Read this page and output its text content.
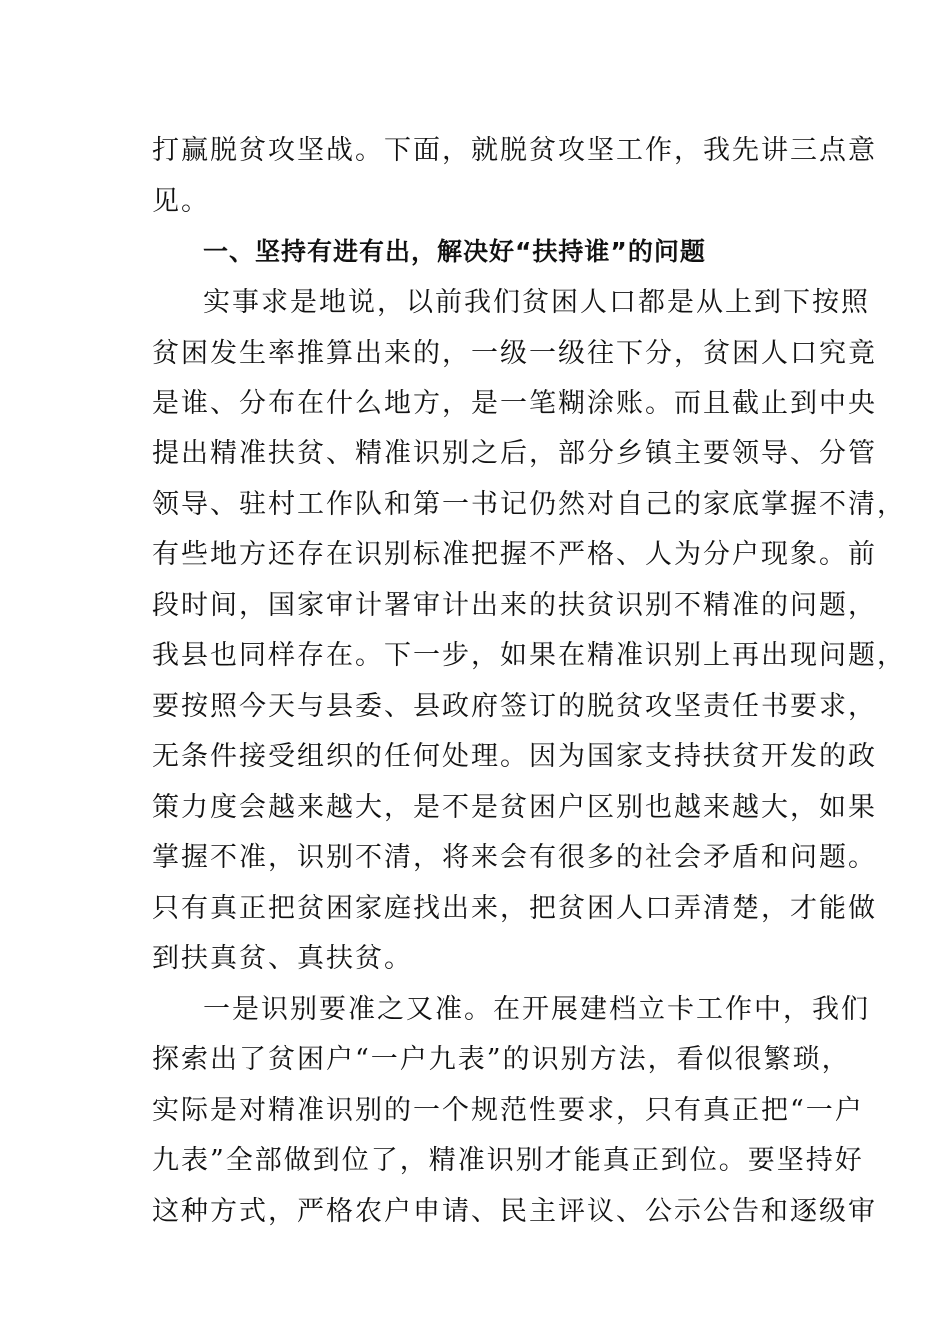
打赢脱贫攻坚战。下面，就脱贫攻坚工作，我先讲三点意
见。
一、坚持有进有出，解决好“扶持谁”的问题
实事求是地说，以前我们贫困人口都是从上到下按照
贫困发生率推算出来的，一级一级往下分，贫困人口究竟
是谁、分布在什么地方，是一笔糊涂账。而且截止到中央
提出精准扶贫、精准识别之后，部分乡镇主要领导、分管
领导、驻村工作队和第一书记仍然对自己的家底掌握不清，
有些地方还存在识别标准把握不严格、人为分户现象。前
段时间，国家审计署审计出来的扶贫识别不精准的问题，
我县也同样存在。下一步，如果在精准识别上再出现问题，
要按照今天与县委、县政府签订的脱贫攻坚责任书要求，
无条件接受组织的任何处理。因为国家支持扶贫开发的政
策力度会越来越大，是不是贫困户区别也越来越大，如果
掌握不准，识别不清，将来会有很多的社会矛盾和问题。
只有真正把贫困家庭找出来，把贫困人口弄清楚，才能做
到扶真贫、真扶贫。
一是识别要准之又准。在开展建档立卡工作中，我们
探索出了贫困户“一户九表”的识别方法，看似很繁琐，
实际是对精准识别的一个规范性要求，只有真正把“一户
九表”全部做到位了，精准识别才能真正到位。要坚持好
这种方式，严格农户申请、民主评议、公示公告和逐级审
